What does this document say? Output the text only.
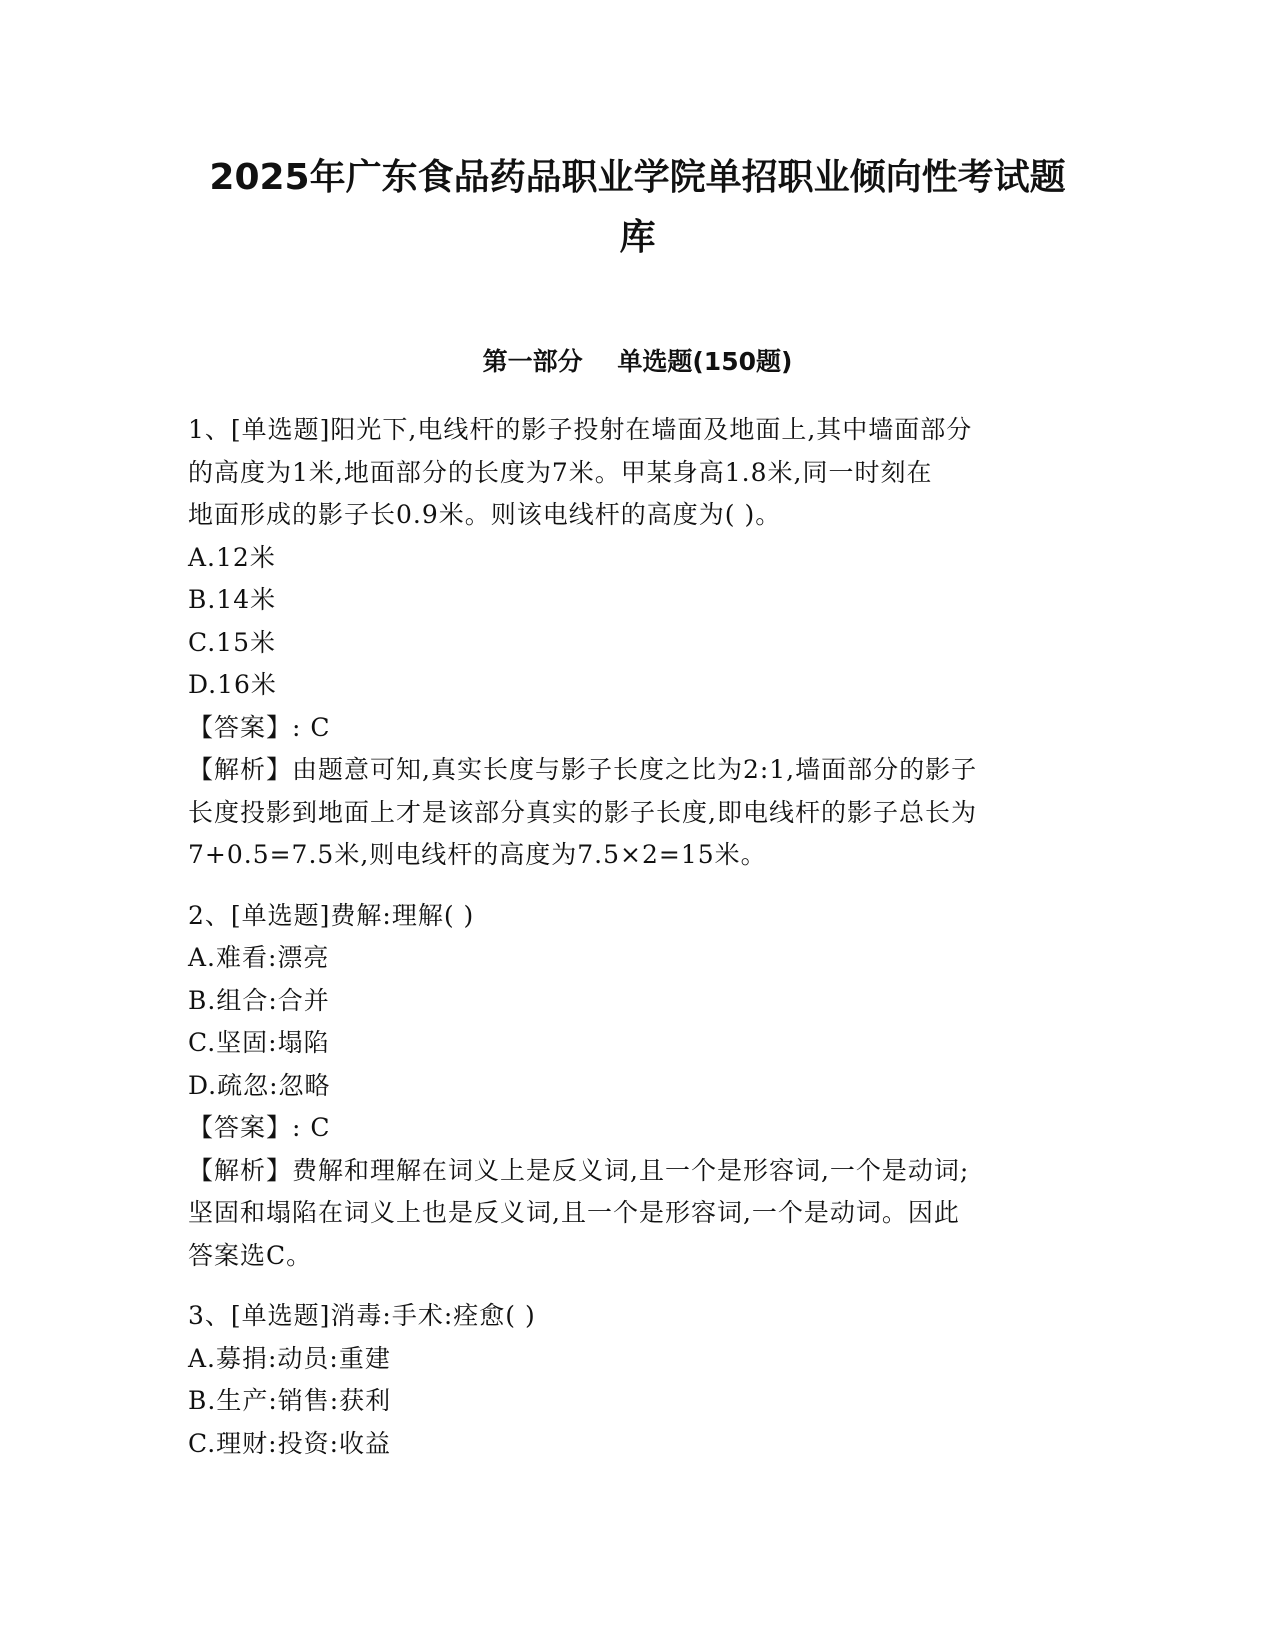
2025年广东食品药品职业学院单招职业倾向性考试题
库
第一部分    单选题(150题)

1、[单选题]阳光下,电线杆的影子投射在墙面及地面上,其中墙面部分

的高度为1米,地面部分的长度为7米。甲某身高1.8米,同一时刻在

地面形成的影子长0.9米。则该电线杆的高度为( )。

A.12米

B.14米

C.15米

D.16米

【答案】: C

【解析】由题意可知,真实长度与影子长度之比为2:1,墙面部分的影子

长度投影到地面上才是该部分真实的影子长度,即电线杆的影子总长为

7+0.5=7.5米,则电线杆的高度为7.5×2=15米。

2、[单选题]费解:理解( )

A.难看:漂亮

B.组合:合并

C.坚固:塌陷

D.疏忽:忽略

【答案】: C

【解析】费解和理解在词义上是反义词,且一个是形容词,一个是动词;

坚固和塌陷在词义上也是反义词,且一个是形容词,一个是动词。因此

答案选C。

3、[单选题]消毒:手术:痊愈( )

A.募捐:动员:重建

B.生产:销售:获利

C.理财:投资:收益
